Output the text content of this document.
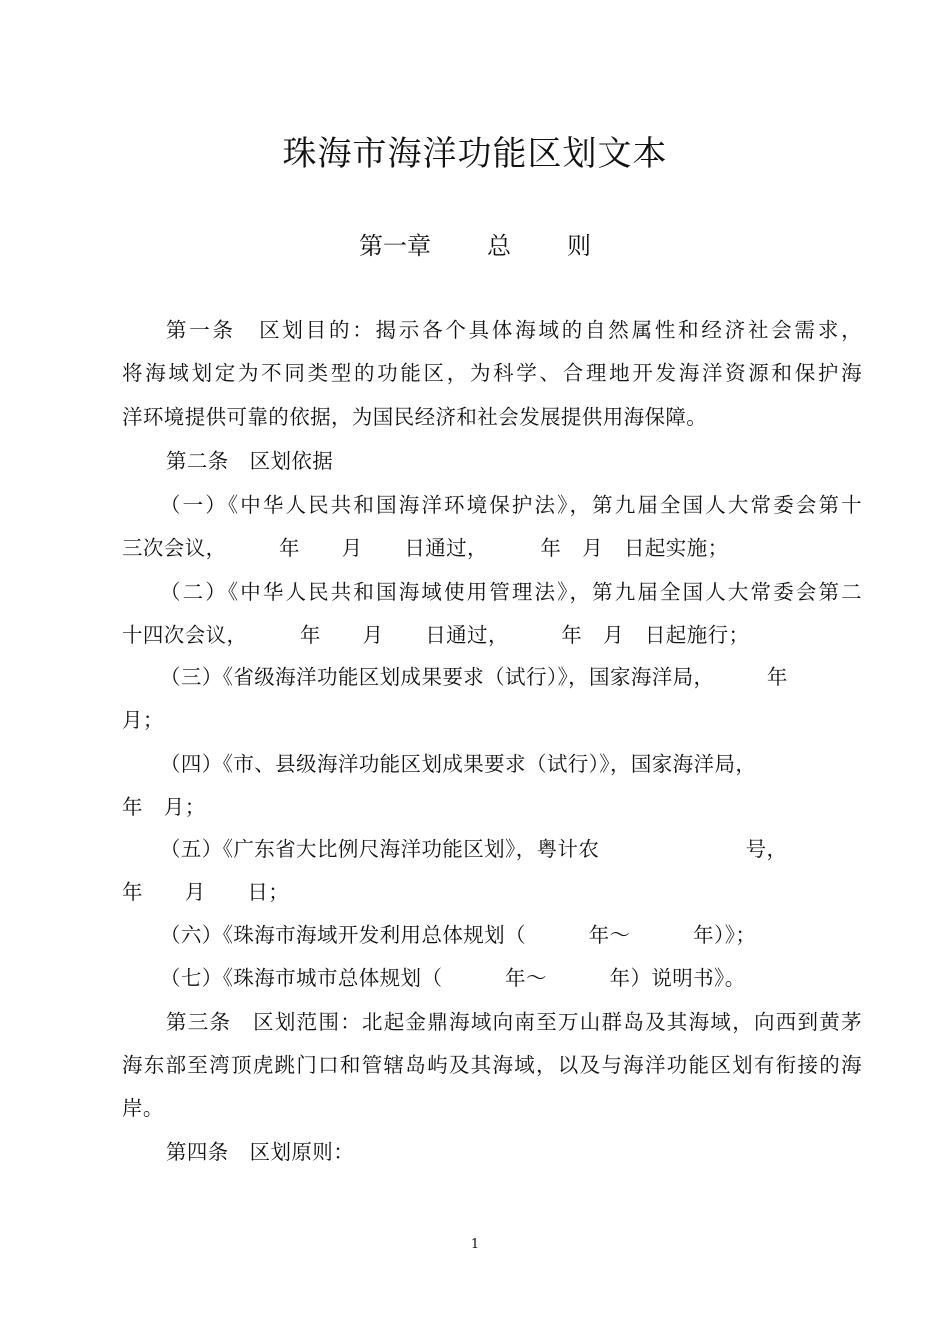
珠海市海洋功能区划文本
第一章 总 则
第一条　区划目的：揭示各个具体海域的自然属性和经济社会需求，
将海域划定为不同类型的功能区，为科学、合理地开发海洋资源和保护海
洋环境提供可靠的依据，为国民经济和社会发展提供用海保障。
第二条　区划依据
（一）《中华人民共和国海洋环境保护法》，第九届全国人大常委会第十
三次会议，　　　年　　月　　日通过，　　　年　月　日起实施；
（二）《中华人民共和国海域使用管理法》，第九届全国人大常委会第二
十四次会议，　　　年　　月　　日通过，　　　年　月　日起施行；
（三）《省级海洋功能区划成果要求（试行）》，国家海洋局，　　　年
月；
（四）《市、县级海洋功能区划成果要求（试行）》，国家海洋局，
年　月；
（五）《广东省大比例尺海洋功能区划》，粤计农　　　　　　　号，
年　　月　　日；
（六）《珠海市海域开发利用总体规划（　　　年～　　　年）》；
（七）《珠海市城市总体规划（　　　年～　　　年）说明书》。
第三条　区划范围：北起金鼎海域向南至万山群岛及其海域，向西到黄茅
海东部至湾顶虎跳门口和管辖岛屿及其海域，以及与海洋功能区划有衔接的海
岸。
第四条　区划原则：
1
